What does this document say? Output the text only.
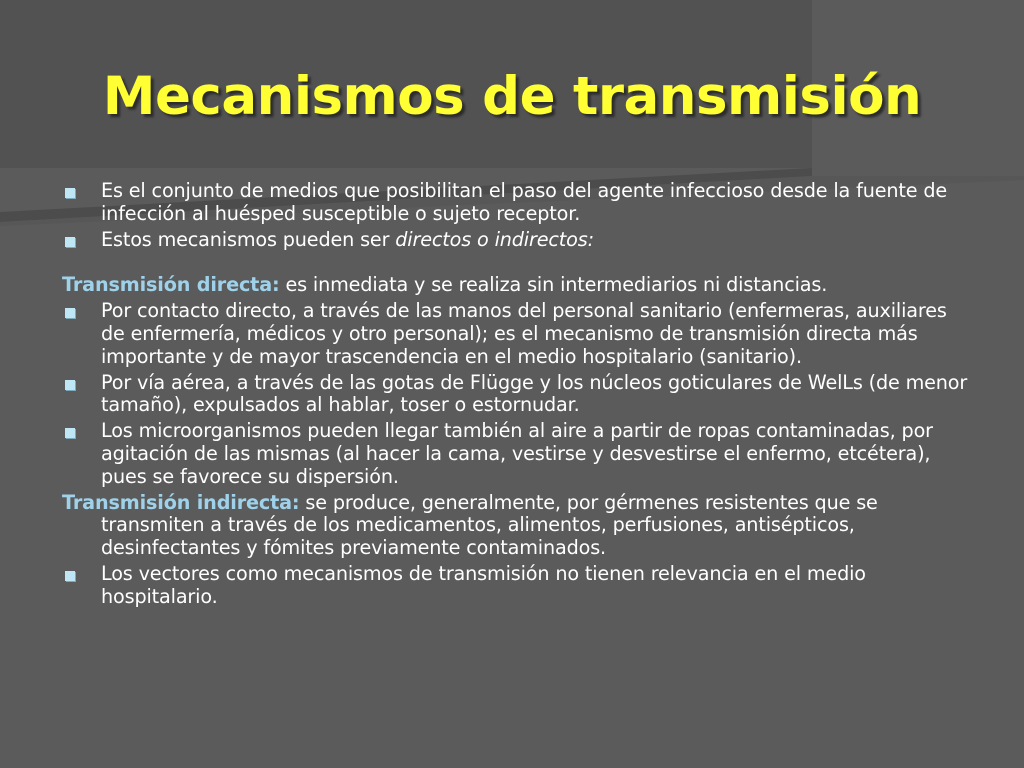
Mecanismos de transmisión
Es el conjunto de medios que posibilitan el paso del agente infeccioso desde la fuente de infección al huésped susceptible o sujeto receptor.
Estos mecanismos pueden ser directos o indirectos:
Transmisión directa: es inmediata y se realiza sin intermediarios ni distancias.
Por contacto directo, a través de las manos del personal sanitario (enfermeras, auxiliares de enfermería, médicos y otro personal); es el mecanismo de transmisión directa más importante y de mayor trascendencia en el medio hospitalario (sanitario).
Por vía aérea, a través de las gotas de Flügge y los núcleos goticulares de WelLs (de menor tamaño), expulsados al hablar, toser o estornudar.
Los microorganismos pueden llegar también al aire a partir de ropas contaminadas, por agitación de las mismas (al hacer la cama, vestirse y desvestirse el enfermo, etcétera), pues se favorece su dispersión.
Transmisión indirecta: se produce, generalmente, por gérmenes resistentes que se transmiten a través de los medicamentos, alimentos, perfusiones, antisépticos, desinfectantes y fómites previamente contaminados.
Los vectores como mecanismos de transmisión no tienen relevancia en el medio hospitalario.
